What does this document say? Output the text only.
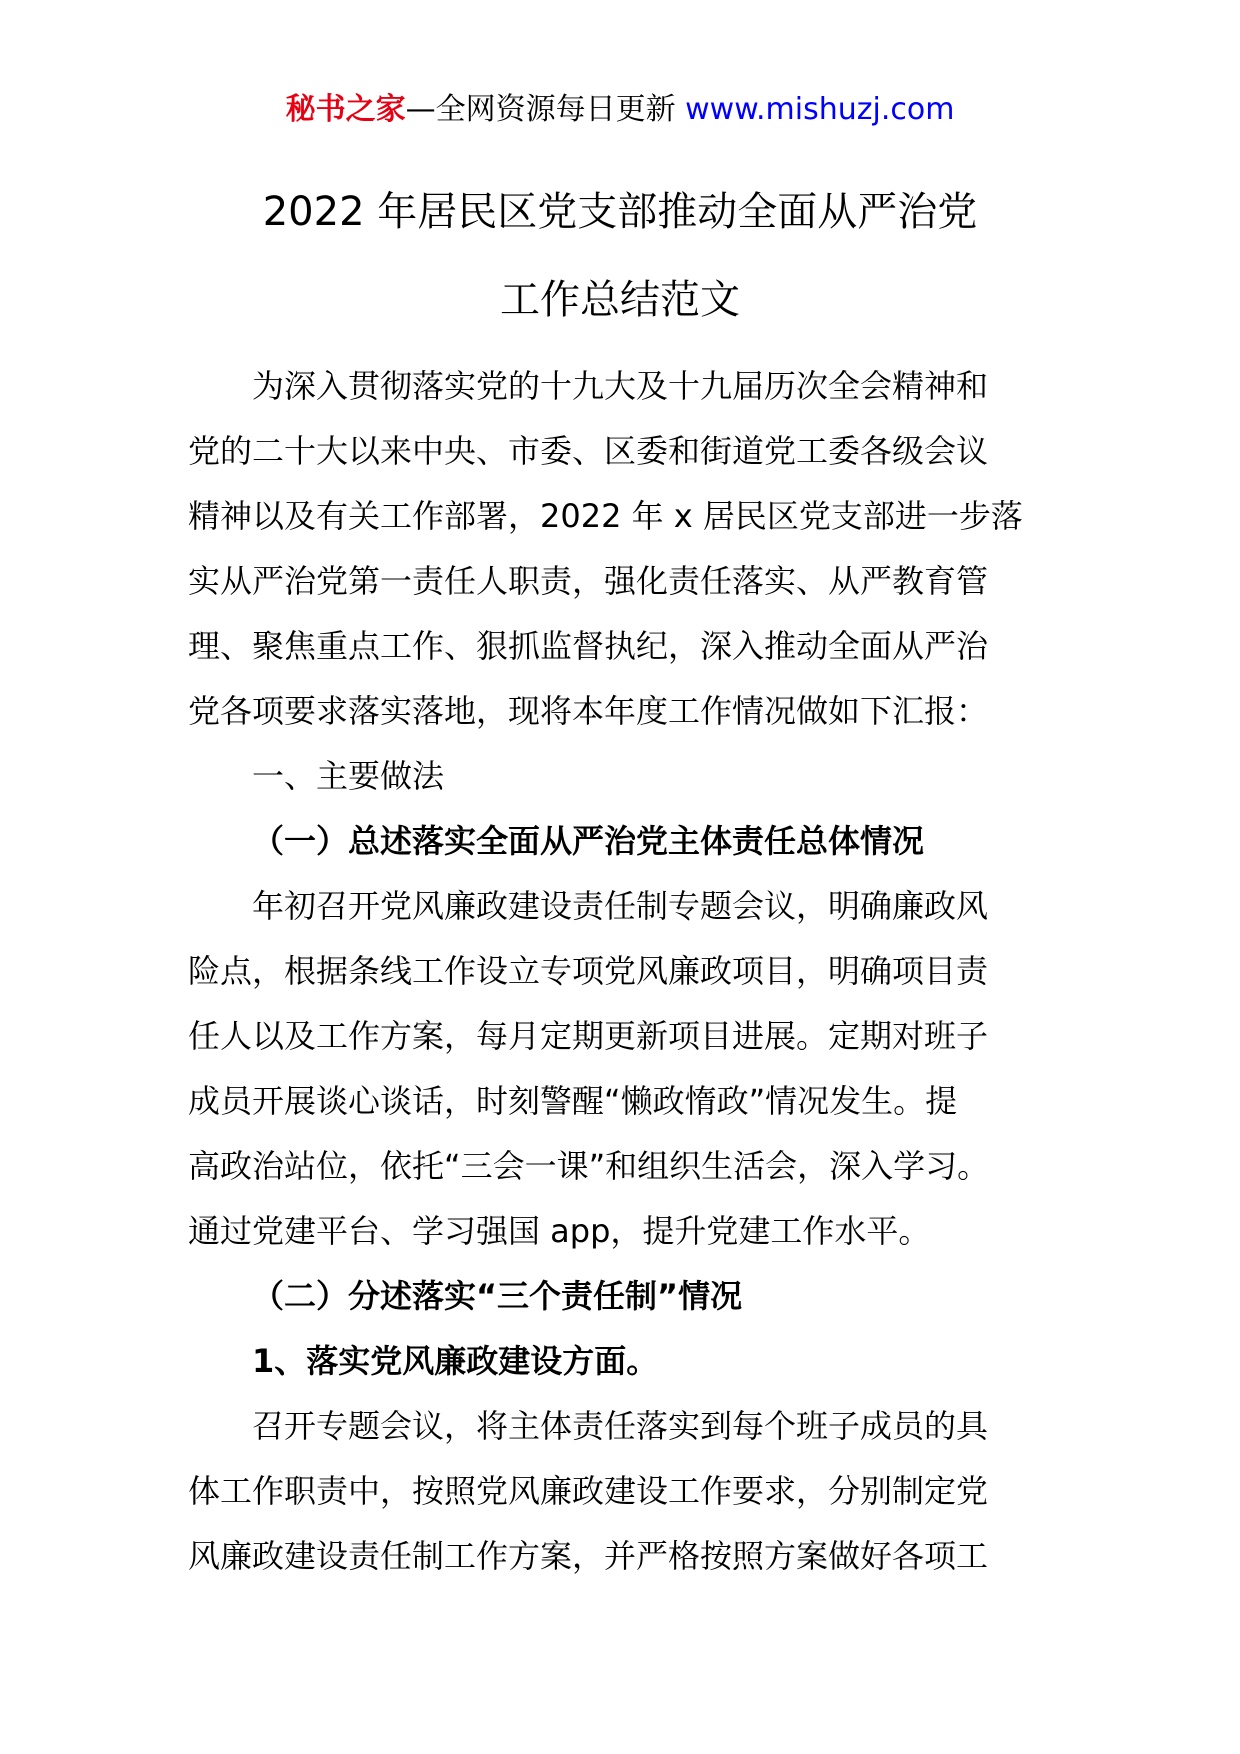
秘书之家—全网资源每日更新 www.mishuzj.com
2022 年居民区党支部推动全面从严治党
工作总结范文
为深入贯彻落实党的十九大及十九届历次全会精神和
党的二十大以来中央、市委、区委和街道党工委各级会议
精神以及有关工作部署，2022 年 x 居民区党支部进一步落
实从严治党第一责任人职责，强化责任落实、从严教育管
理、聚焦重点工作、狠抓监督执纪，深入推动全面从严治
党各项要求落实落地，现将本年度工作情况做如下汇报：
一、主要做法
（一）总述落实全面从严治党主体责任总体情况
年初召开党风廉政建设责任制专题会议，明确廉政风
险点，根据条线工作设立专项党风廉政项目，明确项目责
任人以及工作方案，每月定期更新项目进展。定期对班子
成员开展谈心谈话，时刻警醒“懒政惰政”情况发生。提
高政治站位，依托“三会一课”和组织生活会，深入学习。
通过党建平台、学习强国 app，提升党建工作水平。
（二）分述落实“三个责任制”情况
1、落实党风廉政建设方面。
召开专题会议，将主体责任落实到每个班子成员的具
体工作职责中，按照党风廉政建设工作要求，分别制定党
风廉政建设责任制工作方案，并严格按照方案做好各项工
